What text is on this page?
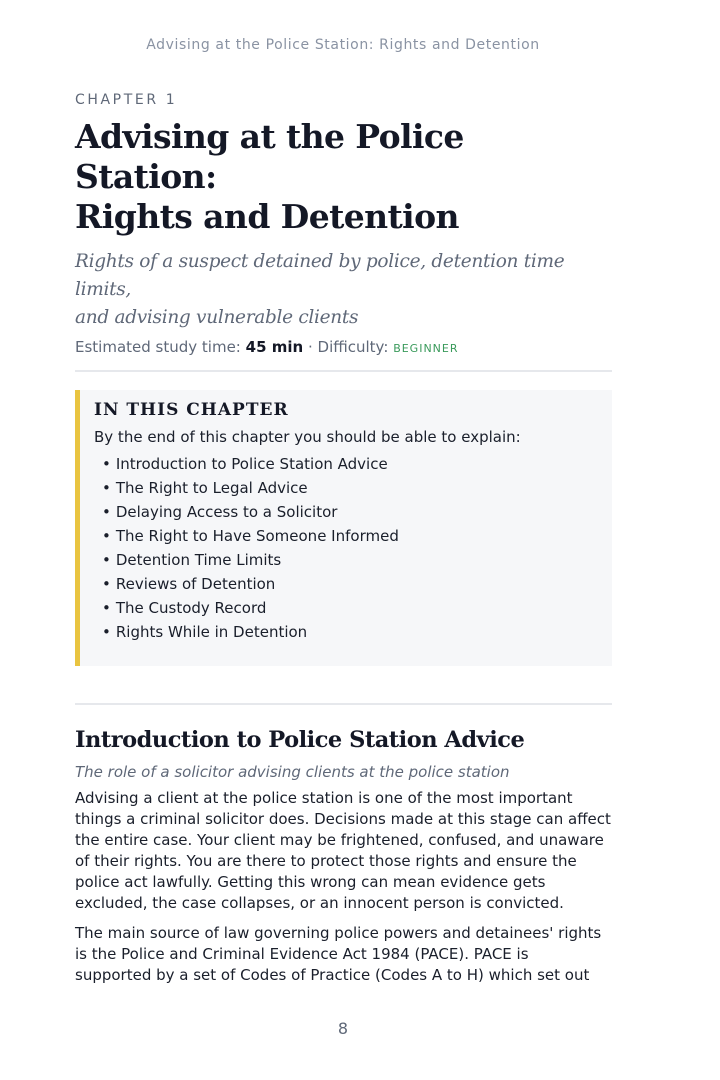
Advising at the Police Station: Rights and Detention
CHAPTER 1
Advising at the Police Station:
Rights and Detention
Rights of a suspect detained by police, detention time limits,
and advising vulnerable clients
Estimated study time: 45 min · Difficulty: BEGINNER
IN THIS CHAPTER
By the end of this chapter you should be able to explain:
• Introduction to Police Station Advice
• The Right to Legal Advice
• Delaying Access to a Solicitor
• The Right to Have Someone Informed
• Detention Time Limits
• Reviews of Detention
• The Custody Record
• Rights While in Detention
Introduction to Police Station Advice
The role of a solicitor advising clients at the police station

Advising a client at the police station is one of the most important
things a criminal solicitor does. Decisions made at this stage can affect
the entire case. Your client may be frightened, confused, and unaware
of their rights. You are there to protect those rights and ensure the
police act lawfully. Getting this wrong can mean evidence gets
excluded, the case collapses, or an innocent person is convicted.

The main source of law governing police powers and detainees' rights
is the Police and Criminal Evidence Act 1984 (PACE). PACE is
supported by a set of Codes of Practice (Codes A to H) which set out

8
